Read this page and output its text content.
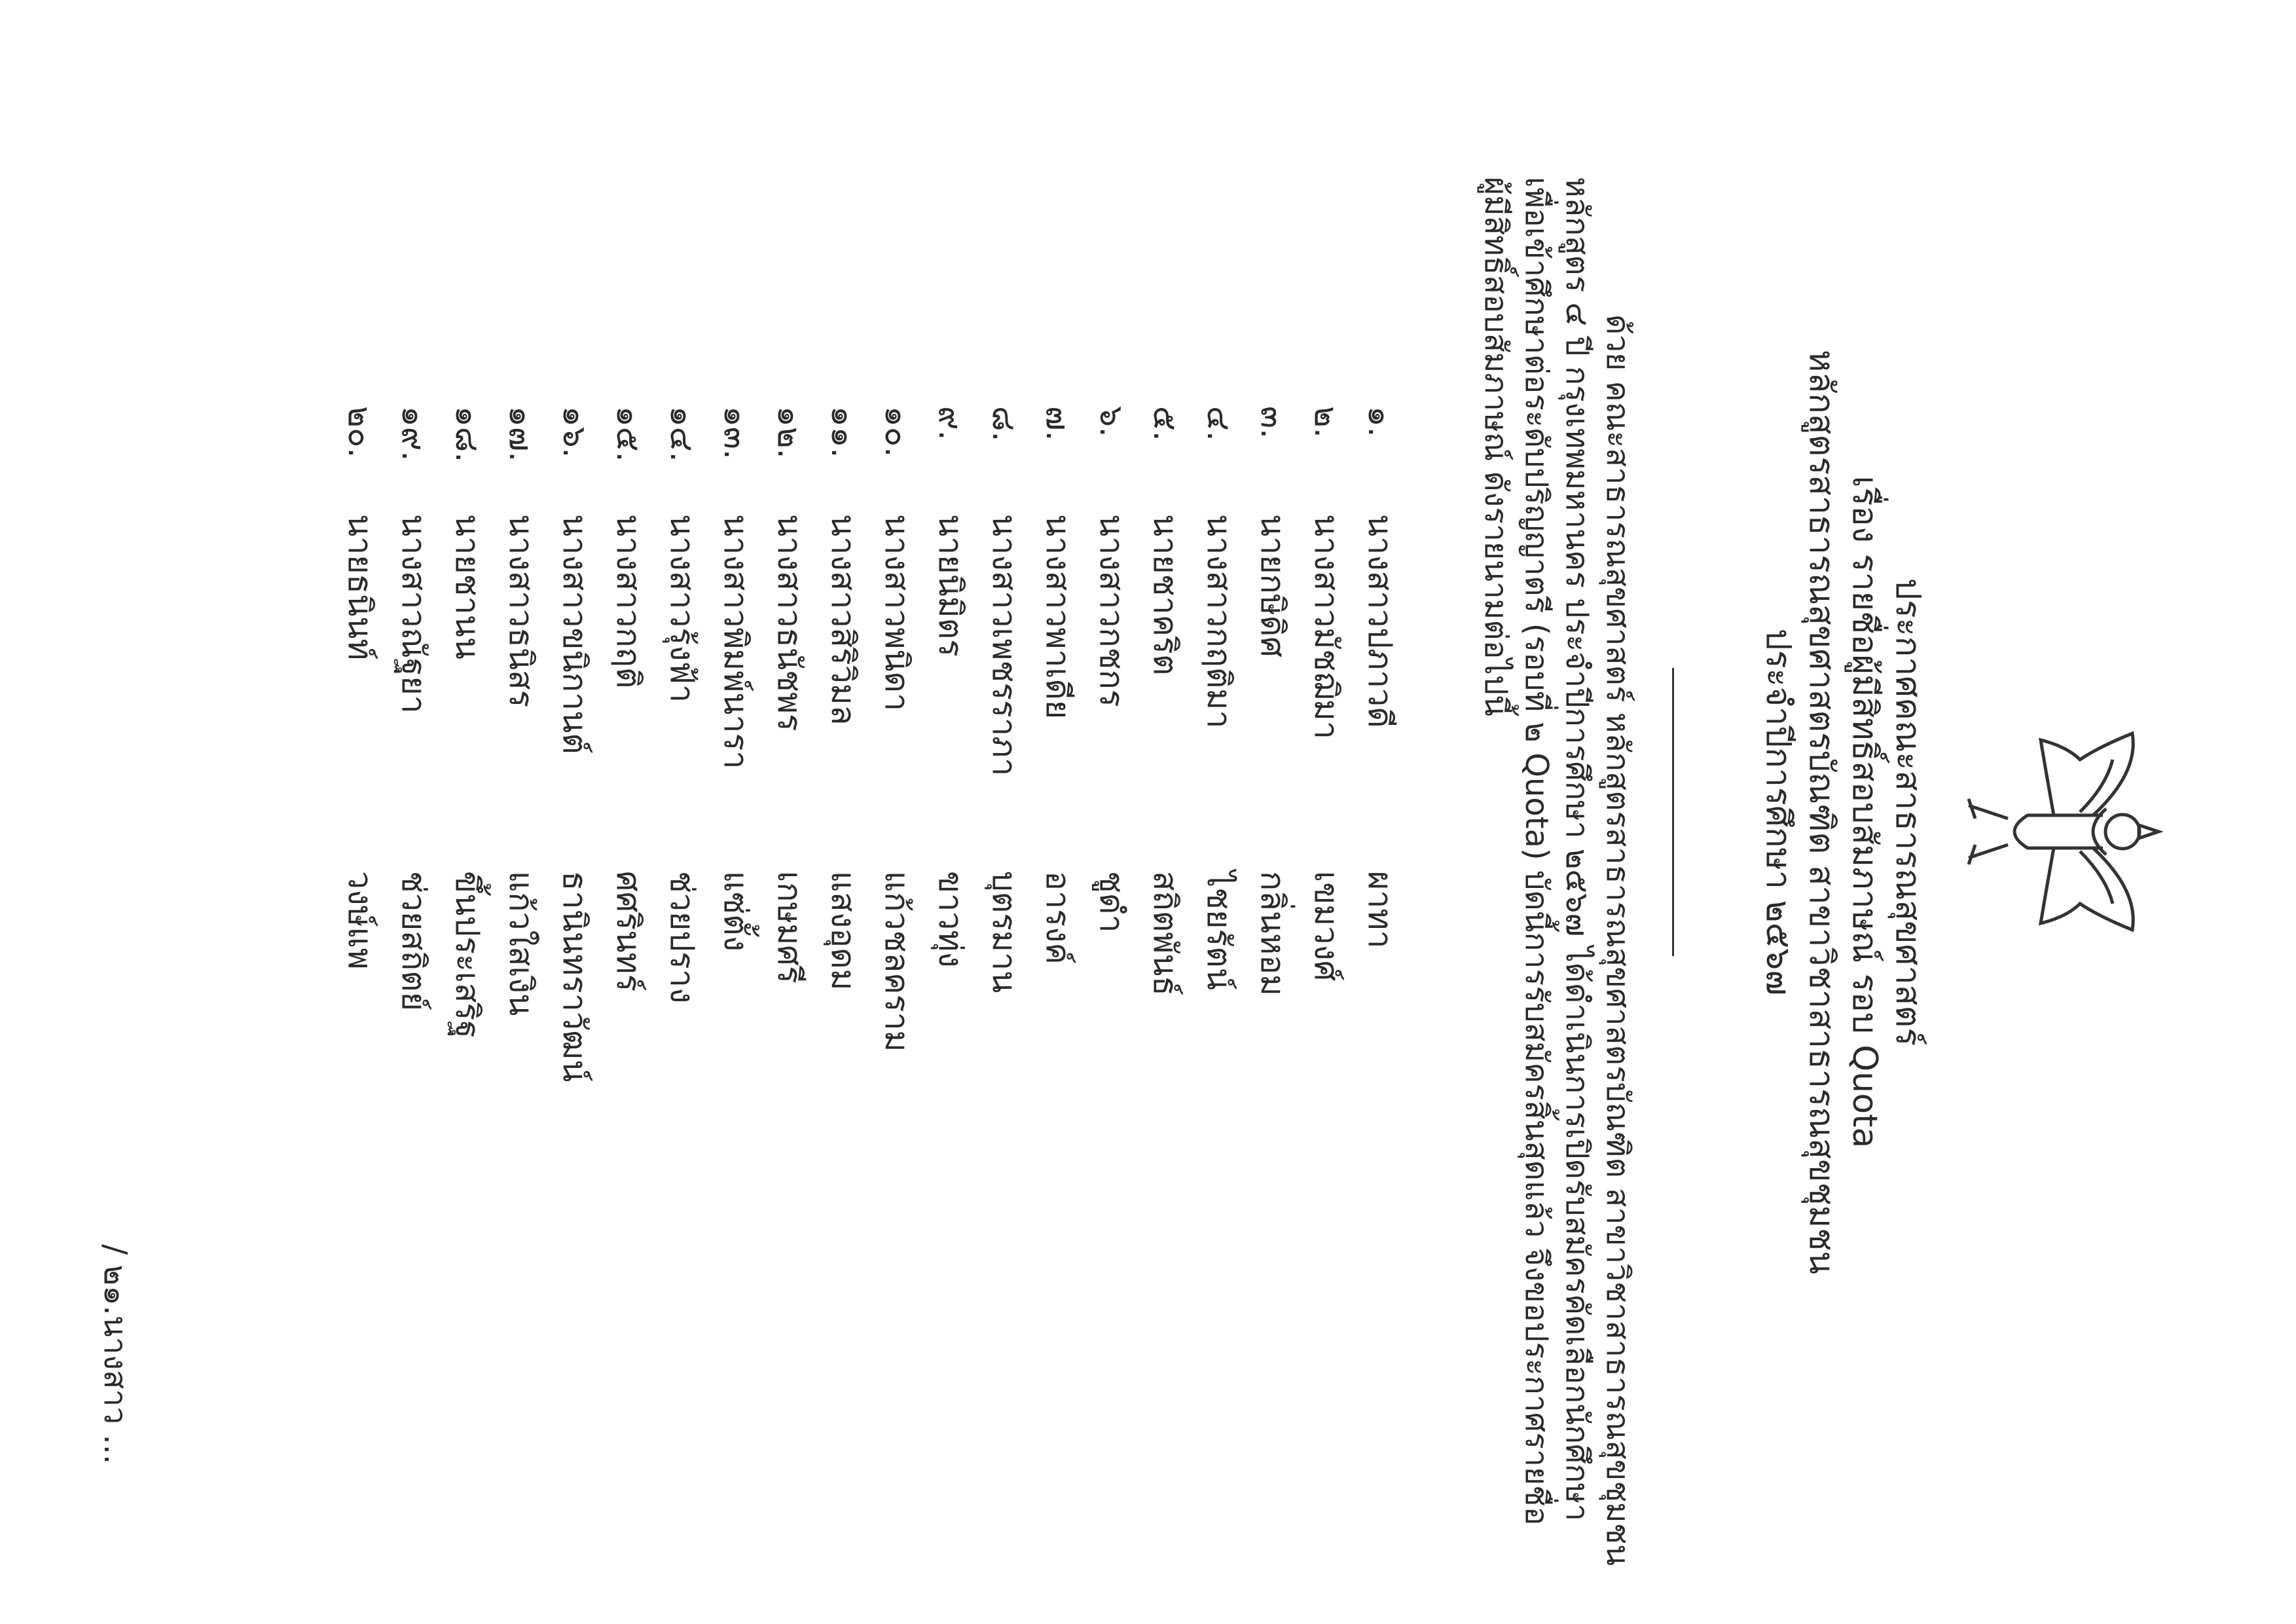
ประกาศคณะสาธารณสุขศาสตร์
เรื่อง รายชื่อผู้มีสิทธิ์สอบสัมภาษณ์ รอบ Quota
หลักสูตรสาธารณสุขศาสตรบัณฑิต สาขาวิชาสาธารณสุขชุมชน
ประจำปีการศึกษา ๒๕๖๗
ด้วย คณะสาธารณสุขศาสตร์ หลักสูตรสาธารณสุขศาสตรบัณฑิต สาขาวิชาสาธารณสุขชุมชน
หลักสูตร ๔ ปี กรุงเทพมหานคร ประจำปีการศึกษา ๒๕๖๗ ได้ดำเนินการเปิดรับสมัครคัดเลือกนักศึกษา
เพื่อเข้าศึกษาต่อระดับปริญญาตรี (รอบที่ ๒ Quota) บัดนี้การรับสมัครสิ้นสุดแล้ว จึงขอประกาศรายชื่อ
ผู้มีสิทธิ์สอบสัมภาษณ์ ดังรายนามต่อไปนี้
๑.
นางสาวปภาวดี
ผาทา
๒.
นางสาวมัชฌิมา
เขมวงศ์
๓.
นายกษิดิศ
กลิ่นหอม
๔.
นางสาวกฤติมา
ไชยรัตน์
๕.
นายชาคริต
สถิตพันธ์
๖.
นางสาวกชกร
ชูดำ
๗.
นางสาวพาเดีย
อารงค์
๘.
นางสาวเพชรราภา
บุตรมาน
๙.
นายนิมิตร
ขาวทุ่ง
๑๐.
นางสาวพนิดา
แก้วชลคราม
๑๑.
นางสาวสิริวิมล
แสงอุดม
๑๒.
นางสาวธนัชพร
เกษมศรี
๑๓.
นางสาวพิมพ์นารา
แซ่ตั้ง
๑๔.
นางสาวรุ้งฟ้า
ช่วยปราง
๑๕.
นางสาวกฤติ
ศศรินทร์
๑๖.
นางสาวขนิกานต์
ธานินทราวัฒน์
๑๗.
นางสาวธนิสร
แก้วใสเงิน
๑๘.
นายชานน
ขึ้นประเสริฐ
๑๙.
นางสาวณัฐยา
ช่วยสถิตย์
๒๐.
นายธนินท์
วงษ์แพ
/ ๒๑.นางสาว ...
